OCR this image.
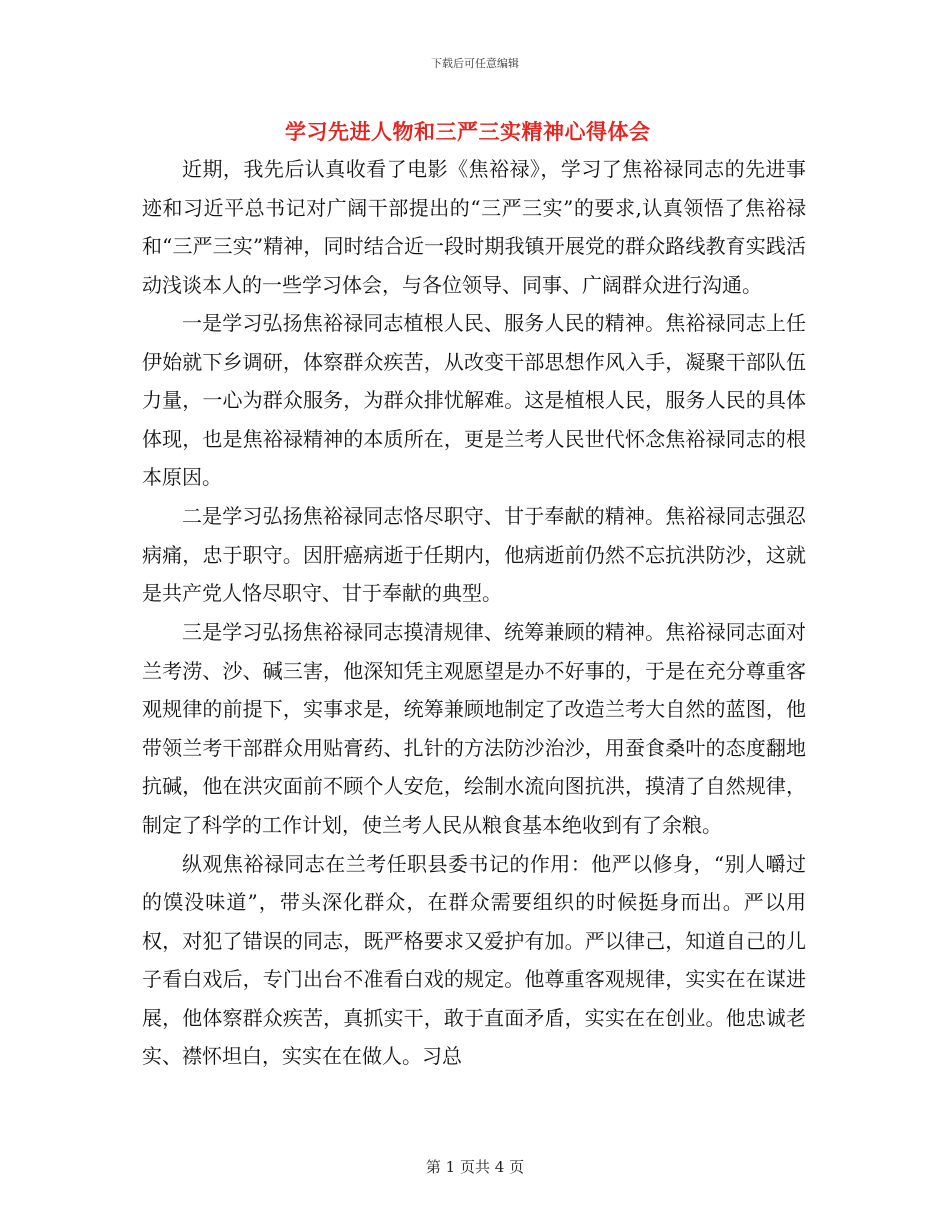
下载后可任意编辑
学习先进人物和三严三实精神心得体会

近期，我先后认真收看了电影《焦裕禄》，学习了焦裕禄同志的先进事迹和习近平总书记对广阔干部提出的“三严三实”的要求,认真领悟了焦裕禄和“三严三实”精神，同时结合近一段时期我镇开展党的群众路线教育实践活动浅谈本人的一些学习体会，与各位领导、同事、广阔群众进行沟通。

一是学习弘扬焦裕禄同志植根人民、服务人民的精神。焦裕禄同志上任伊始就下乡调研，体察群众疾苦，从改变干部思想作风入手，凝聚干部队伍力量，一心为群众服务，为群众排忧解难。这是植根人民，服务人民的具体体现，也是焦裕禄精神的本质所在，更是兰考人民世代怀念焦裕禄同志的根本原因。

二是学习弘扬焦裕禄同志恪尽职守、甘于奉献的精神。焦裕禄同志强忍病痛，忠于职守。因肝癌病逝于任期内，他病逝前仍然不忘抗洪防沙，这就是共产党人恪尽职守、甘于奉献的典型。

三是学习弘扬焦裕禄同志摸清规律、统筹兼顾的精神。焦裕禄同志面对兰考涝、沙、碱三害，他深知凭主观愿望是办不好事的，于是在充分尊重客观规律的前提下，实事求是，统筹兼顾地制定了改造兰考大自然的蓝图，他带领兰考干部群众用贴膏药、扎针的方法防沙治沙，用蚕食桑叶的态度翻地抗碱，他在洪灾面前不顾个人安危，绘制水流向图抗洪，摸清了自然规律，制定了科学的工作计划，使兰考人民从粮食基本绝收到有了余粮。

纵观焦裕禄同志在兰考任职县委书记的作用：他严以修身，“别人嚼过的馍没味道”，带头深化群众，在群众需要组织的时候挺身而出。严以用权，对犯了错误的同志，既严格要求又爱护有加。严以律己，知道自己的儿子看白戏后，专门出台不准看白戏的规定。他尊重客观规律，实实在在谋进展，他体察群众疾苦，真抓实干，敢于直面矛盾，实实在在创业。他忠诚老实、襟怀坦白，实实在在做人。习总

第 1 页共 4 页
